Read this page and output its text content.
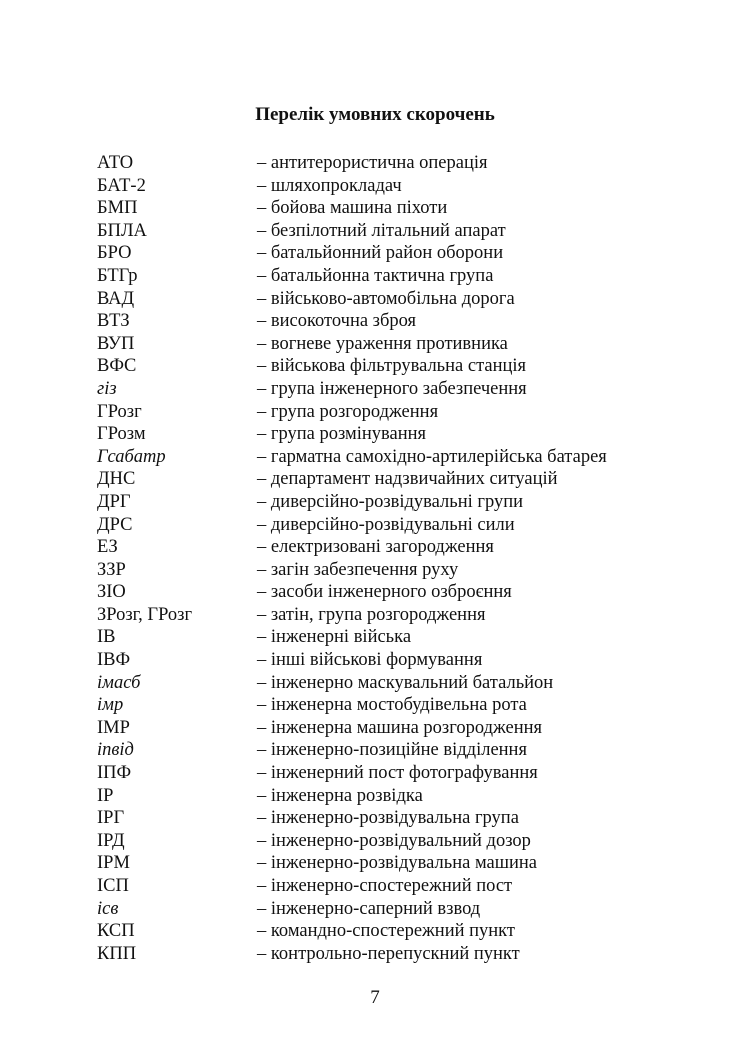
Перелік умовних скорочень
АТО	– антитерористична операція
БАТ-2	– шляхопрокладач
БМП	– бойова машина піхоти
БПЛА	– безпілотний літальний апарат
БРО	– батальйонний район оборони
БТГр	– батальйонна тактична група
ВАД	– військово-автомобільна дорога
ВТЗ	– високоточна зброя
ВУП	– вогневе ураження противника
ВФС	– військова фільтрувальна станція
гіз	– група інженерного забезпечення
ГРозг	– група розгородження
ГРозм	– група розмінування
Гсабатр	– гарматна самохідно-артилерійська батарея
ДНС	– департамент надзвичайних ситуацій
ДРГ	– диверсійно-розвідувальні групи
ДРС	– диверсійно-розвідувальні сили
ЕЗ	– електризовані загородження
ЗЗР	– загін забезпечення руху
ЗІО	– засоби інженерного озброєння
ЗРозг, ГРозг	– затін, група розгородження
ІВ	– інженерні війська
ІВФ	– інші військові формування
імасб	– інженерно маскувальний батальйон
імр	– інженерна мостобудівельна рота
ІМР	– інженерна машина розгородження
іпвід	– інженерно-позиційне відділення
ІПФ	– інженерний пост фотографування
ІР	– інженерна розвідка
ІРГ	– інженерно-розвідувальна група
ІРД	– інженерно-розвідувальний дозор
ІРМ	– інженерно-розвідувальна машина
ІСП	– інженерно-спостережний пост
ісв	– інженерно-саперний взвод
КСП	– командно-спостережний пункт
КПП	– контрольно-перепускний пункт
7
